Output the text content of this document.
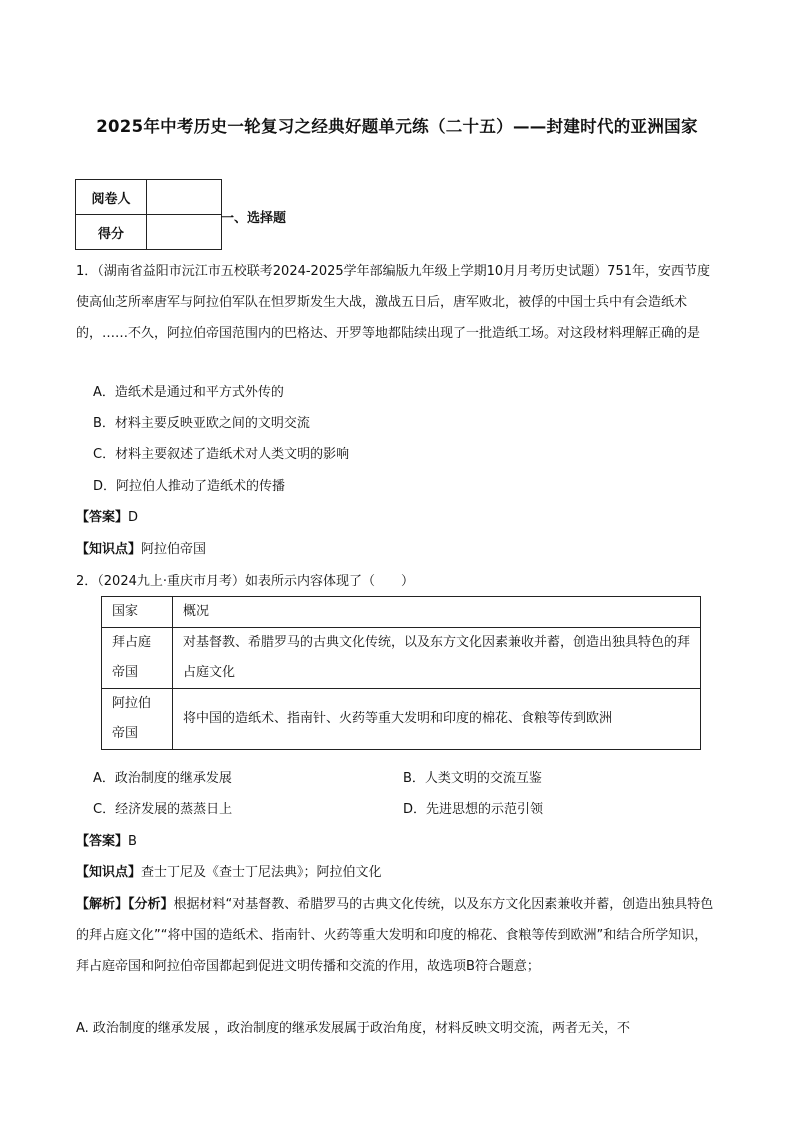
2025年中考历史一轮复习之经典好题单元练（二十五）——封建时代的亚洲国家
阅卷人	
得分	
一、选择题
1．（湖南省益阳市沅江市五校联考2024-2025学年部编版九年级上学期10月月考历史试题）751年，安西节度使高仙芝所率唐军与阿拉伯军队在怛罗斯发生大战，激战五日后，唐军败北，被俘的中国士兵中有会造纸术的，……不久，阿拉伯帝国范围内的巴格达、开罗等地都陆续出现了一批造纸工场。对这段材料理解正确的是
A．造纸术是通过和平方式外传的
B．材料主要反映亚欧之间的文明交流
C．材料主要叙述了造纸术对人类文明的影响
D．阿拉伯人推动了造纸术的传播
【答案】D
【知识点】阿拉伯帝国
2．（2024九上·重庆市月考）如表所示内容体现了（　　）
国家	概况
拜占庭帝国	对基督教、希腊罗马的古典文化传统，以及东方文化因素兼收并蓄，创造出独具特色的拜占庭文化
阿拉伯帝国	将中国的造纸术、指南针、火药等重大发明和印度的棉花、食粮等传到欧洲
A．政治制度的继承发展	B．人类文明的交流互鉴
C．经济发展的蒸蒸日上	D．先进思想的示范引领
【答案】B
【知识点】查士丁尼及《查士丁尼法典》；阿拉伯文化
【解析】【分析】根据材料“对基督教、希腊罗马的古典文化传统，以及东方文化因素兼收并蓄，创造出独具特色的拜占庭文化”“将中国的造纸术、指南针、火药等重大发明和印度的棉花、食粮等传到欧洲”和结合所学知识，拜占庭帝国和阿拉伯帝国都起到促进文明传播和交流的作用，故选项B符合题意；
A. 政治制度的继承发展 ，政治制度的继承发展属于政治角度，材料反映文明交流，两者无关，不
